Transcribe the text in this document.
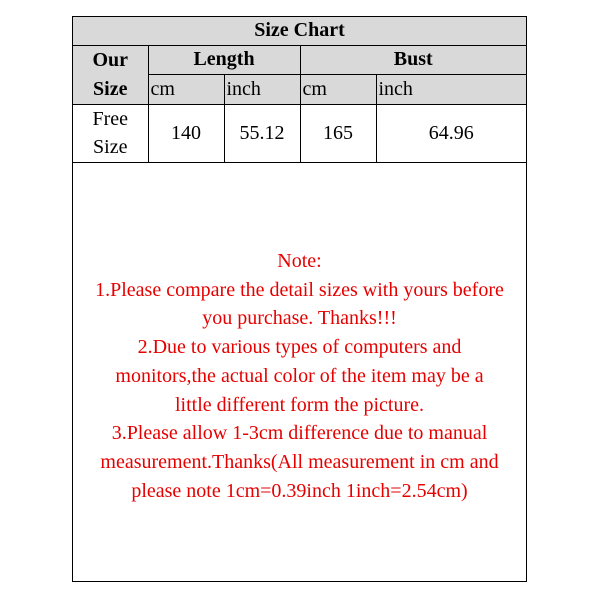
Size Chart				

Our
Size	Length		Bust	
	cm	inch	cm	inch

Free
Size	140	55.12	165	64.96
Note:
1.Please compare the detail sizes with yours before
you purchase. Thanks!!!
2.Due to various types of computers and
monitors,the actual color of the item may be a
little different form the picture.
3.Please allow 1-3cm difference due to manual
measurement.Thanks(All measurement in cm and
please note 1cm=0.39inch 1inch=2.54cm)
